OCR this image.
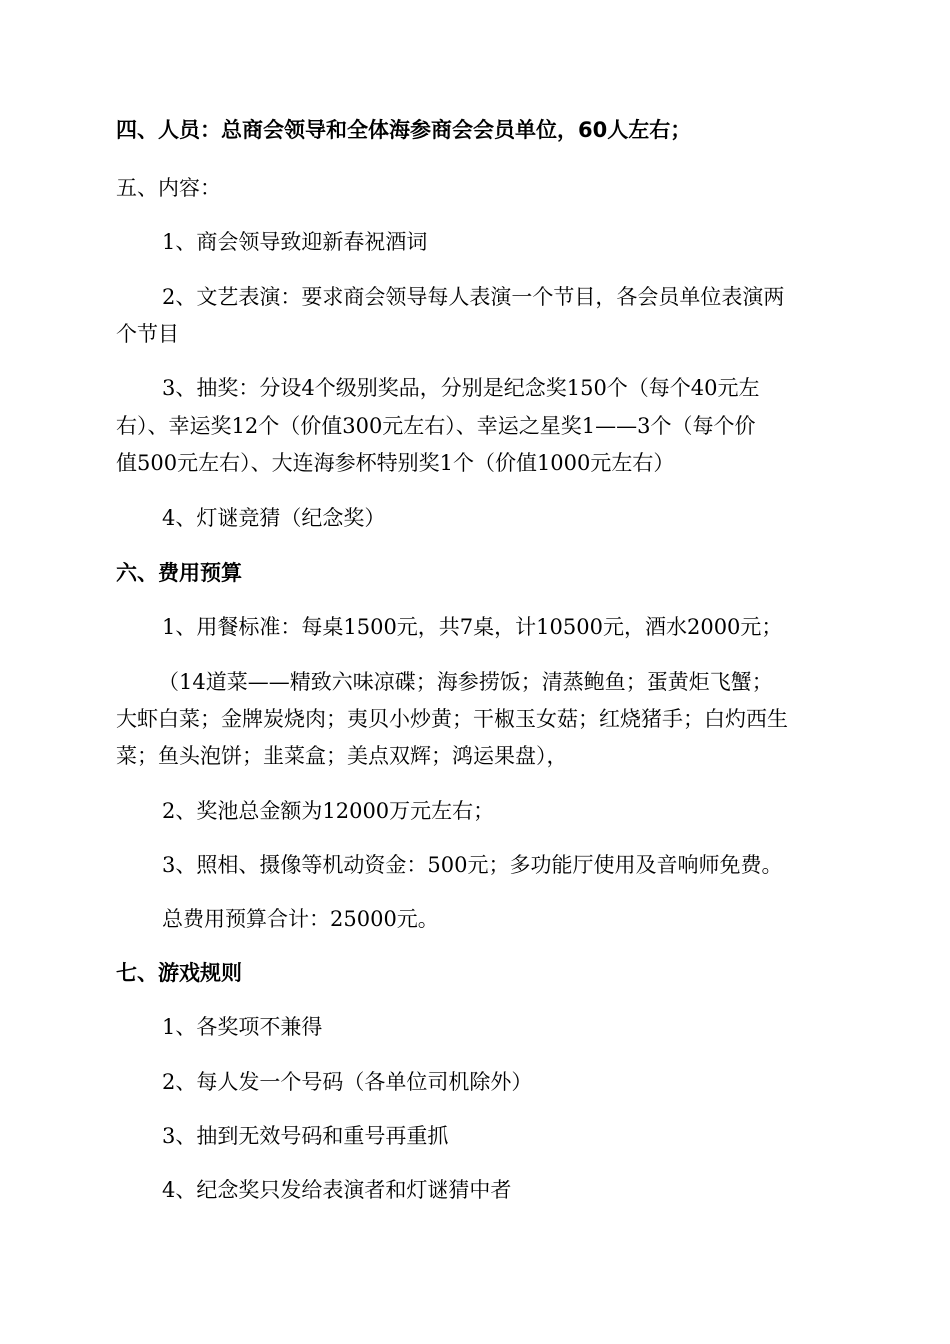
四、人员：总商会领导和全体海参商会会员单位，60人左右；
五、内容：
1、商会领导致迎新春祝酒词
2、文艺表演：要求商会领导每人表演一个节目，各会员单位表演两
个节目
3、抽奖：分设4个级别奖品，分别是纪念奖150个（每个40元左
右）、幸运奖12个（价值300元左右）、幸运之星奖1——3个（每个价
值500元左右）、大连海参杯特别奖1个（价值1000元左右）
4、灯谜竞猜（纪念奖）
六、费用预算
1、用餐标准：每桌1500元，共7桌，计10500元，酒水2000元；
（14道菜——精致六味凉碟；海参捞饭；清蒸鲍鱼；蛋黄炬飞蟹；
大虾白菜；金牌炭烧肉；夷贝小炒黄；干椒玉女菇；红烧猪手；白灼西生
菜；鱼头泡饼；韭菜盒；美点双辉；鸿运果盘），
2、奖池总金额为12000万元左右；
3、照相、摄像等机动资金：500元；多功能厅使用及音响师免费。
总费用预算合计：25000元。
七、游戏规则
1、各奖项不兼得
2、每人发一个号码（各单位司机除外）
3、抽到无效号码和重号再重抓
4、纪念奖只发给表演者和灯谜猜中者
